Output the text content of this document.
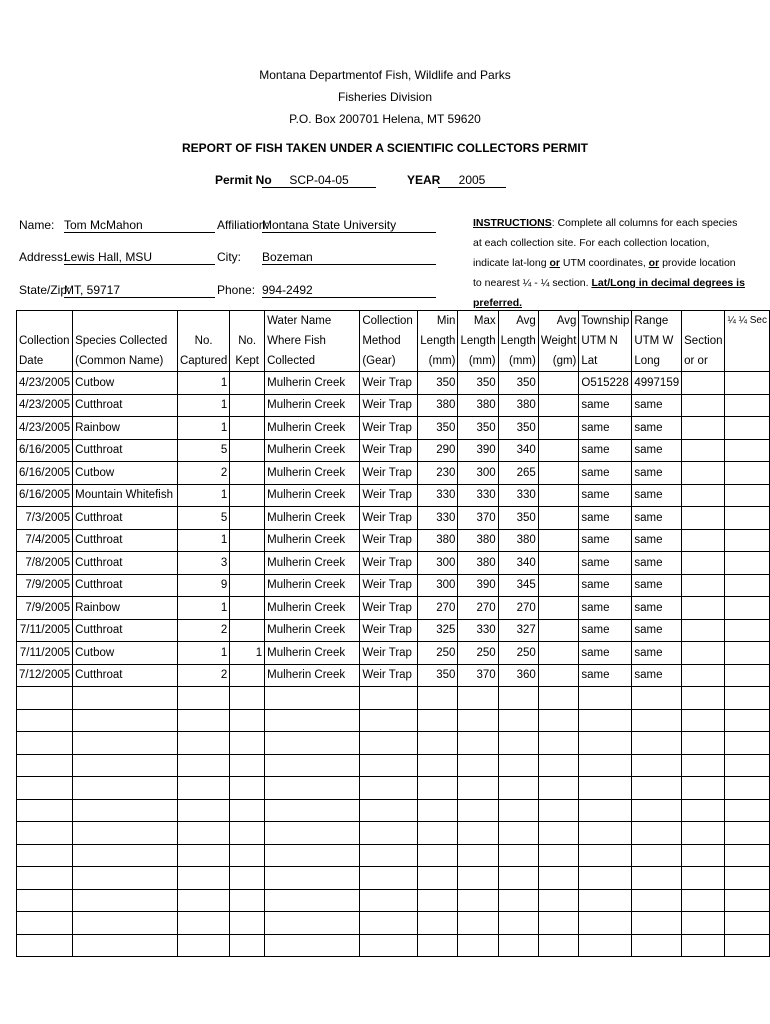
Montana Departmentof Fish, Wildlife and Parks
Fisheries Division
P.O. Box 200701 Helena, MT 59620
REPORT OF FISH TAKEN UNDER A SCIENTIFIC COLLECTORS PERMIT
Permit No	SCP-04-05	YEAR	2005
Name: Tom McMahon	Affiliation:
Montana State University
Address:
Lewis Hall, MSU	City: Bozeman
State/Zip:
MT, 59717	Phone: 994-2492
INSTRUCTIONS: Complete all columns for each species at each collection site. For each collection location, indicate lat-long or UTM coordinates, or provide location to nearest ¼ - ¼ section. Lat/Long in decimal degrees is preferred.
Collection Date	Species Collected (Common Name)	No. Captured	No. Kept	Water Name Where Fish Collected	Collection Method (Gear)	Min Length (mm)	Max Length (mm)	Avg Length (mm)	Avg Weight (gm)	Township UTM N Lat	Range UTM W Long	Section or or	¼ ¼ Sec
4/23/2005	Cutbow	1		Mulherin Creek	Weir Trap	350	350	350		O515228	4997159		
4/23/2005	Cutthroat	1		Mulherin Creek	Weir Trap	380	380	380		same	same		
4/23/2005	Rainbow	1		Mulherin Creek	Weir Trap	350	350	350		same	same		
6/16/2005	Cutthroat	5		Mulherin Creek	Weir Trap	290	390	340		same	same		
6/16/2005	Cutbow	2		Mulherin Creek	Weir Trap	230	300	265		same	same		
6/16/2005	Mountain Whitefish	1		Mulherin Creek	Weir Trap	330	330	330		same	same		
7/3/2005	Cutthroat	5		Mulherin Creek	Weir Trap	330	370	350		same	same		
7/4/2005	Cutthroat	1		Mulherin Creek	Weir Trap	380	380	380		same	same		
7/8/2005	Cutthroat	3		Mulherin Creek	Weir Trap	300	380	340		same	same		
7/9/2005	Cutthroat	9		Mulherin Creek	Weir Trap	300	390	345		same	same		
7/9/2005	Rainbow	1		Mulherin Creek	Weir Trap	270	270	270		same	same		
7/11/2005	Cutthroat	2		Mulherin Creek	Weir Trap	325	330	327		same	same		
7/11/2005	Cutbow	1	1	Mulherin Creek	Weir Trap	250	250	250		same	same		
7/12/2005	Cutthroat	2		Mulherin Creek	Weir Trap	350	370	360		same	same		
